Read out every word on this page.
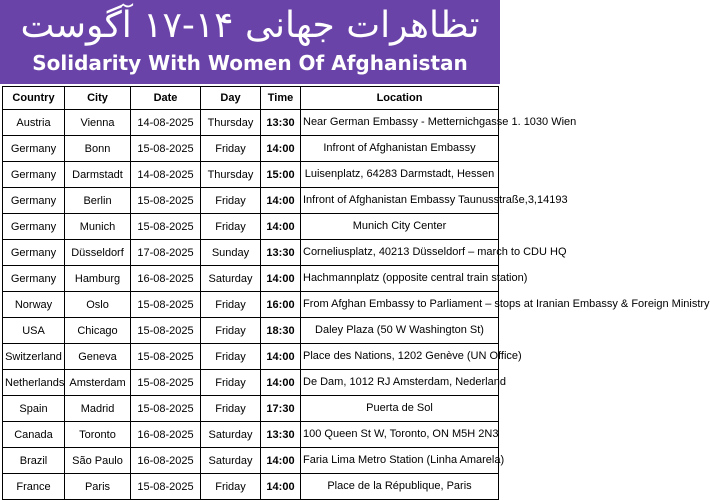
تظاهرات جهانی ۱۴-۱۷ آگوست
Solidarity With Women Of Afghanistan
Country	City	Date	Day	Time	Location
Austria	Vienna	14-08-2025	Thursday	13:30	Near German Embassy - Metternichgasse 1. 1030 Wien
Germany	Bonn	15-08-2025	Friday	14:00	Infront of Afghanistan Embassy
Germany	Darmstadt	14-08-2025	Thursday	15:00	Luisenplatz, 64283 Darmstadt, Hessen
Germany	Berlin	15-08-2025	Friday	14:00	Infront of Afghanistan Embassy Taunusstraße,3,14193
Germany	Munich	15-08-2025	Friday	14:00	Munich City Center
Germany	Düsseldorf	17-08-2025	Sunday	13:30	Corneliusplatz, 40213 Düsseldorf – march to CDU HQ
Germany	Hamburg	16-08-2025	Saturday	14:00	Hachmannplatz (opposite central train station)
Norway	Oslo	15-08-2025	Friday	16:00	From Afghan Embassy to Parliament – stops at Iranian Embassy & Foreign Ministry
USA	Chicago	15-08-2025	Friday	18:30	Daley Plaza (50 W Washington St)
Switzerland	Geneva	15-08-2025	Friday	14:00	Place des Nations, 1202 Genève (UN Office)
Netherlands	Amsterdam	15-08-2025	Friday	14:00	De Dam, 1012 RJ Amsterdam, Nederland
Spain	Madrid	15-08-2025	Friday	17:30	Puerta de Sol
Canada	Toronto	16-08-2025	Saturday	13:30	100 Queen St W, Toronto, ON M5H 2N3
Brazil	São Paulo	16-08-2025	Saturday	14:00	Faria Lima Metro Station (Linha Amarela)
France	Paris	15-08-2025	Friday	14:00	Place de la République, Paris
